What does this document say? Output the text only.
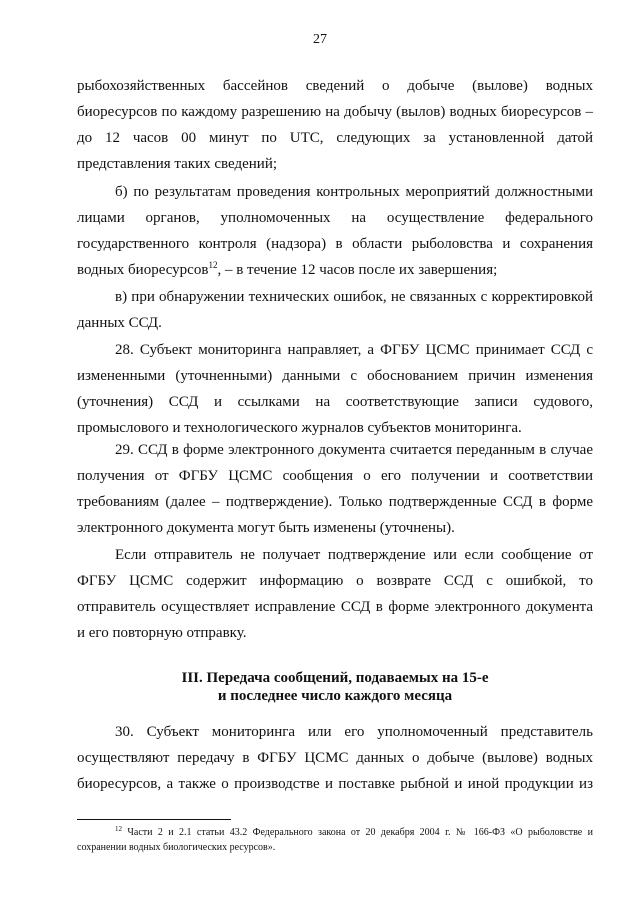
27
рыбохозяйственных бассейнов сведений о добыче (вылове) водных
биоресурсов по каждому разрешению на добычу (вылов) водных биоресурсов –
до 12 часов 00 минут по UTC, следующих за установленной датой
представления таких сведений;
б) по результатам проведения контрольных мероприятий должностными
лицами органов, уполномоченных на осуществление федерального
государственного контроля (надзора) в области рыболовства и сохранения
водных биоресурсов$^{12}$, – в течение 12 часов после их завершения;
в) при обнаружении технических ошибок, не связанных с корректировкой
данных ССД.
28. Субъект мониторинга направляет, а ФГБУ ЦСМС принимает ССД с
измененными (уточненными) данными с обоснованием причин изменения
(уточнения) ССД и ссылками на соответствующие записи судового,
промыслового и технологического журналов субъектов мониторинга.
29. ССД в форме электронного документа считается переданным в случае
получения от ФГБУ ЦСМС сообщения о его получении и соответствии
требованиям (далее – подтверждение). Только подтвержденные ССД в форме
электронного документа могут быть изменены (уточнены).
Если отправитель не получает подтверждение или если сообщение от
ФГБУ ЦСМС содержит информацию о возврате ССД с ошибкой, то
отправитель осуществляет исправление ССД в форме электронного документа
и его повторную отправку.
III. Передача сообщений, подаваемых на 15-е
и последнее число каждого месяца
30. Субъект мониторинга или его уполномоченный представитель
осуществляют передачу в ФГБУ ЦСМС данных о добыче (вылове) водных
биоресурсов, а также о производстве и поставке рыбной и иной продукции из
$^{12}$ Части 2 и 2.1 статьи 43.2 Федерального закона от 20 декабря 2004 г. № 166-ФЗ «О рыболовстве и
сохранении водных биологических ресурсов».
